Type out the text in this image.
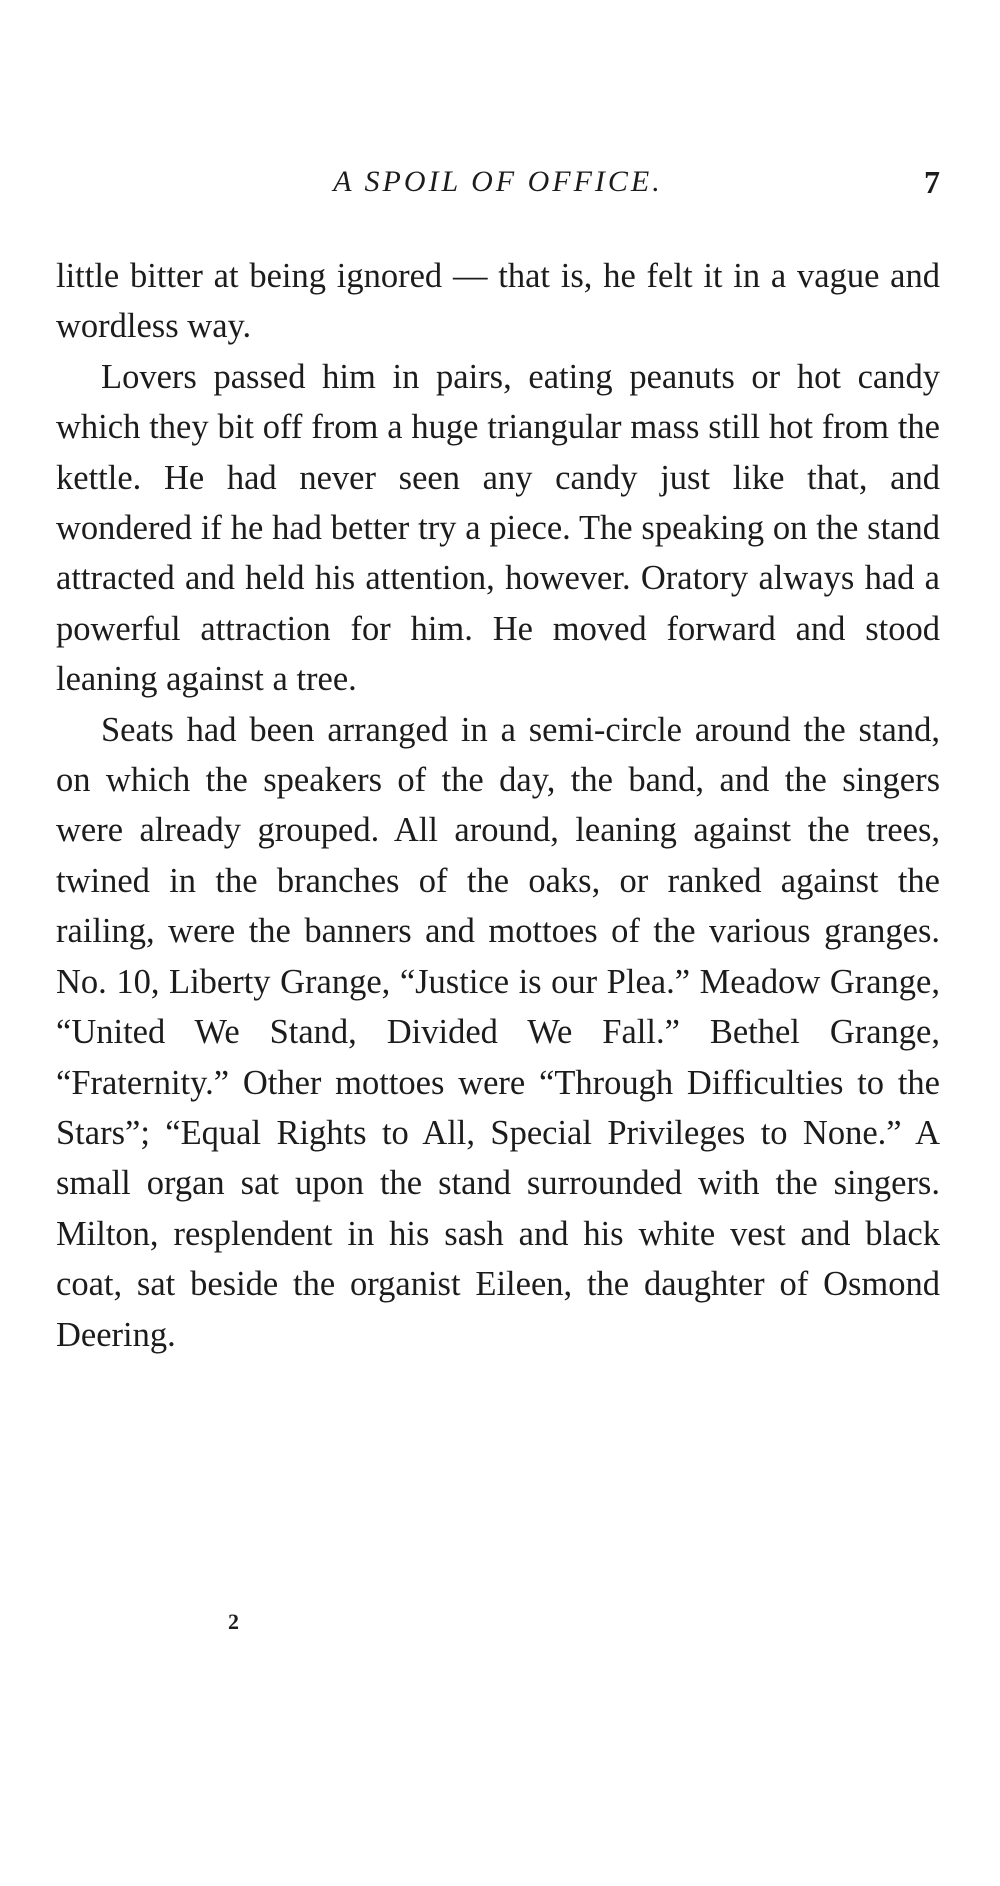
A SPOIL OF OFFICE.	7

little bitter at being ignored — that is, he felt it in a vague and wordless way.

Lovers passed him in pairs, eating peanuts or hot candy which they bit off from a huge triangular mass still hot from the kettle. He had never seen any candy just like that, and wondered if he had better try a piece. The speaking on the stand attracted and held his attention, however. Oratory always had a powerful attraction for him. He moved forward and stood leaning against a tree.

Seats had been arranged in a semi-circle around the stand, on which the speakers of the day, the band, and the singers were already grouped. All around, leaning against the trees, twined in the branches of the oaks, or ranked against the railing, were the banners and mottoes of the various granges. No. 10, Liberty Grange, “Justice is our Plea.” Meadow Grange, “United We Stand, Divided We Fall.” Bethel Grange, “Fraternity.” Other mottoes were “Through Difficulties to the Stars”; “Equal Rights to All, Special Privileges to None.” A small organ sat upon the stand surrounded with the singers. Milton, resplendent in his sash and his white vest and black coat, sat beside the organist Eileen, the daughter of Osmond Deering.

2
